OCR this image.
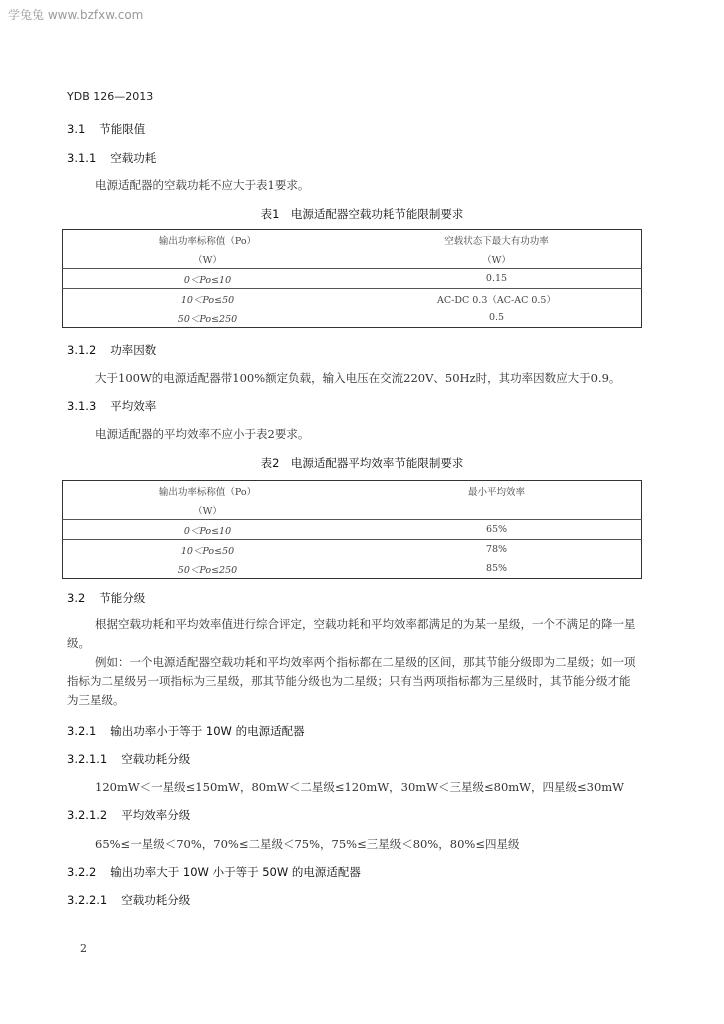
学兔兔 www.bzfxw.com
YDB 126—2013
3.1 节能限值
3.1.1 空载功耗
电源适配器的空载功耗不应大于表1要求。
表1　电源适配器空载功耗节能限制要求
输出功率标称值（Po）	空载状态下最大有功功率
（W）	（W）
0＜Po≤10	0.15
10＜Po≤50	AC-DC 0.3（AC-AC 0.5）
50＜Po≤250	0.5
3.1.2 功率因数
大于100W的电源适配器带100%额定负载，输入电压在交流220V、50Hz时，其功率因数应大于0.9。
3.1.3 平均效率
电源适配器的平均效率不应小于表2要求。
表2　电源适配器平均效率节能限制要求
输出功率标称值（Po）	最小平均效率
（W）	
0＜Po≤10	65%
10＜Po≤50	78%
50＜Po≤250	85%
3.2 节能分级
根据空载功耗和平均效率值进行综合评定，空载功耗和平均效率都满足的为某一星级，一个不满足的降一星级。
例如：一个电源适配器空载功耗和平均效率两个指标都在二星级的区间，那其节能分级即为二星级；如一项指标为二星级另一项指标为三星级，那其节能分级也为二星级；只有当两项指标都为三星级时，其节能分级才能为三星级。
3.2.1 输出功率小于等于 10W 的电源适配器
3.2.1.1 空载功耗分级
120mW＜一星级≤150mW，80mW＜二星级≤120mW，30mW＜三星级≤80mW，四星级≤30mW
3.2.1.2 平均效率分级
65%≤一星级＜70%，70%≤二星级＜75%，75%≤三星级＜80%，80%≤四星级
3.2.2 输出功率大于 10W 小于等于 50W 的电源适配器
3.2.2.1 空载功耗分级
2
